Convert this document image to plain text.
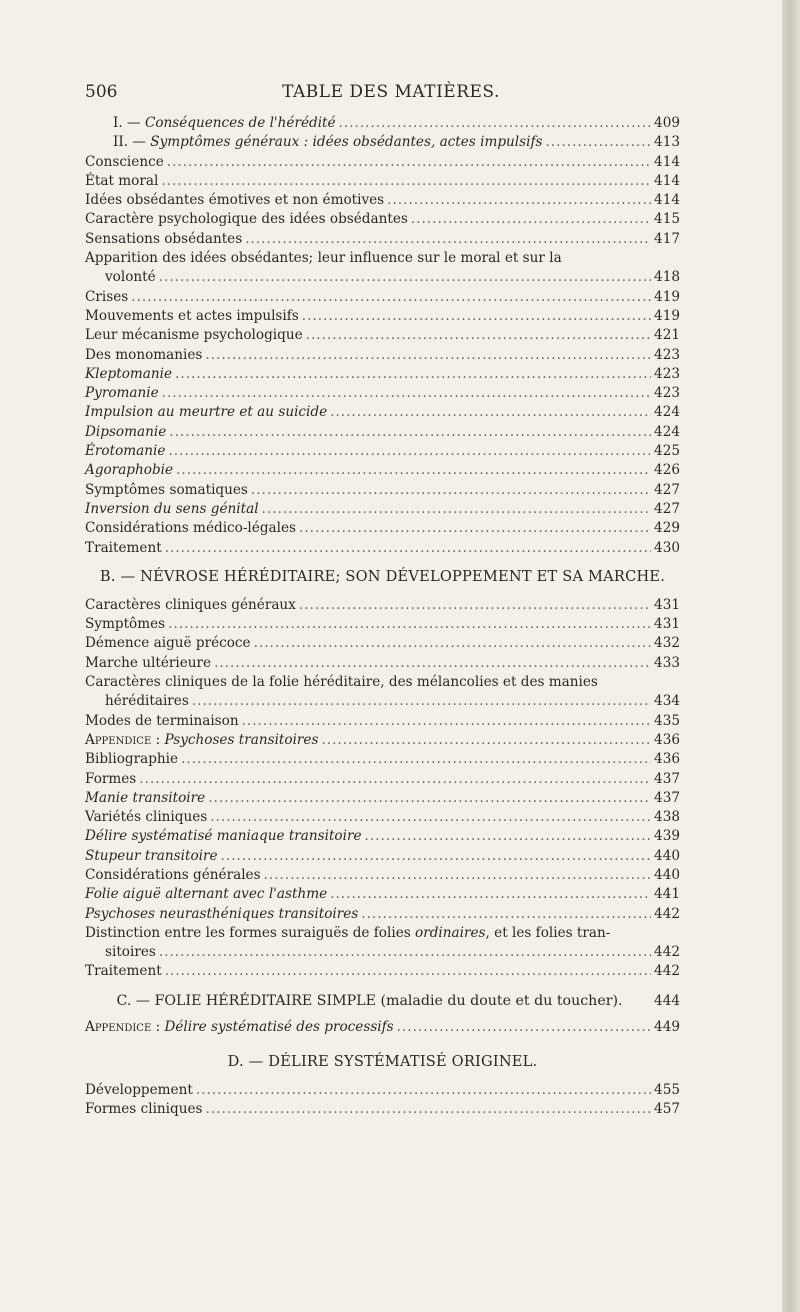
506	TABLE DES MATIÈRES.
I. — Conséquences de l'hérédité .....	409
II. — Symptômes généraux : idées obsédantes, actes impulsifs .....	413
Conscience .....	414
État moral .....	414
Idées obsédantes émotives et non émotives .....	414
Caractère psychologique des idées obsédantes .....	415
Sensations obsédantes .....	417
Apparition des idées obsédantes; leur influence sur le moral et sur la
volonté .....	418
Crises .....	419
Mouvements et actes impulsifs .....	419
Leur mécanisme psychologique .....	421
Des monomanies .....	423
Kleptomanie .....	423
Pyromanie .....	423
Impulsion au meurtre et au suicide .....	424
Dipsomanie .....	424
Érotomanie .....	425
Agoraphobie .....	426
Symptômes somatiques .....	427
Inversion du sens génital .....	427
Considérations médico-légales .....	429
Traitement .....	430
B. — NÉVROSE HÉRÉDITAIRE; SON DÉVELOPPEMENT ET SA MARCHE.
Caractères cliniques généraux .....	431
Symptômes .....	431
Démence aiguë précoce .....	432
Marche ultérieure .....	433
Caractères cliniques de la folie héréditaire, des mélancolies et des manies
héréditaires .....	434
Modes de terminaison .....	435
Appendice : Psychoses transitoires .....	436
Bibliographie .....	436
Formes .....	437
Manie transitoire .....	437
Variétés cliniques .....	438
Délire systématisé maniaque transitoire .....	439
Stupeur transitoire .....	440
Considérations générales .....	440
Folie aiguë alternant avec l'asthme .....	441
Psychoses neurasthéniques transitoires .....	442
Distinction entre les formes suraiguës de folies ordinaires, et les folies tran-
sitoires .....	442
Traitement .....	442
C. — FOLIE HÉRÉDITAIRE SIMPLE (maladie du doute et du toucher).	444
Appendice : Délire systématisé des processifs .....	449
D. — DÉLIRE SYSTÉMATISÉ ORIGINEL.
Développement .....	455
Formes cliniques .....	457
